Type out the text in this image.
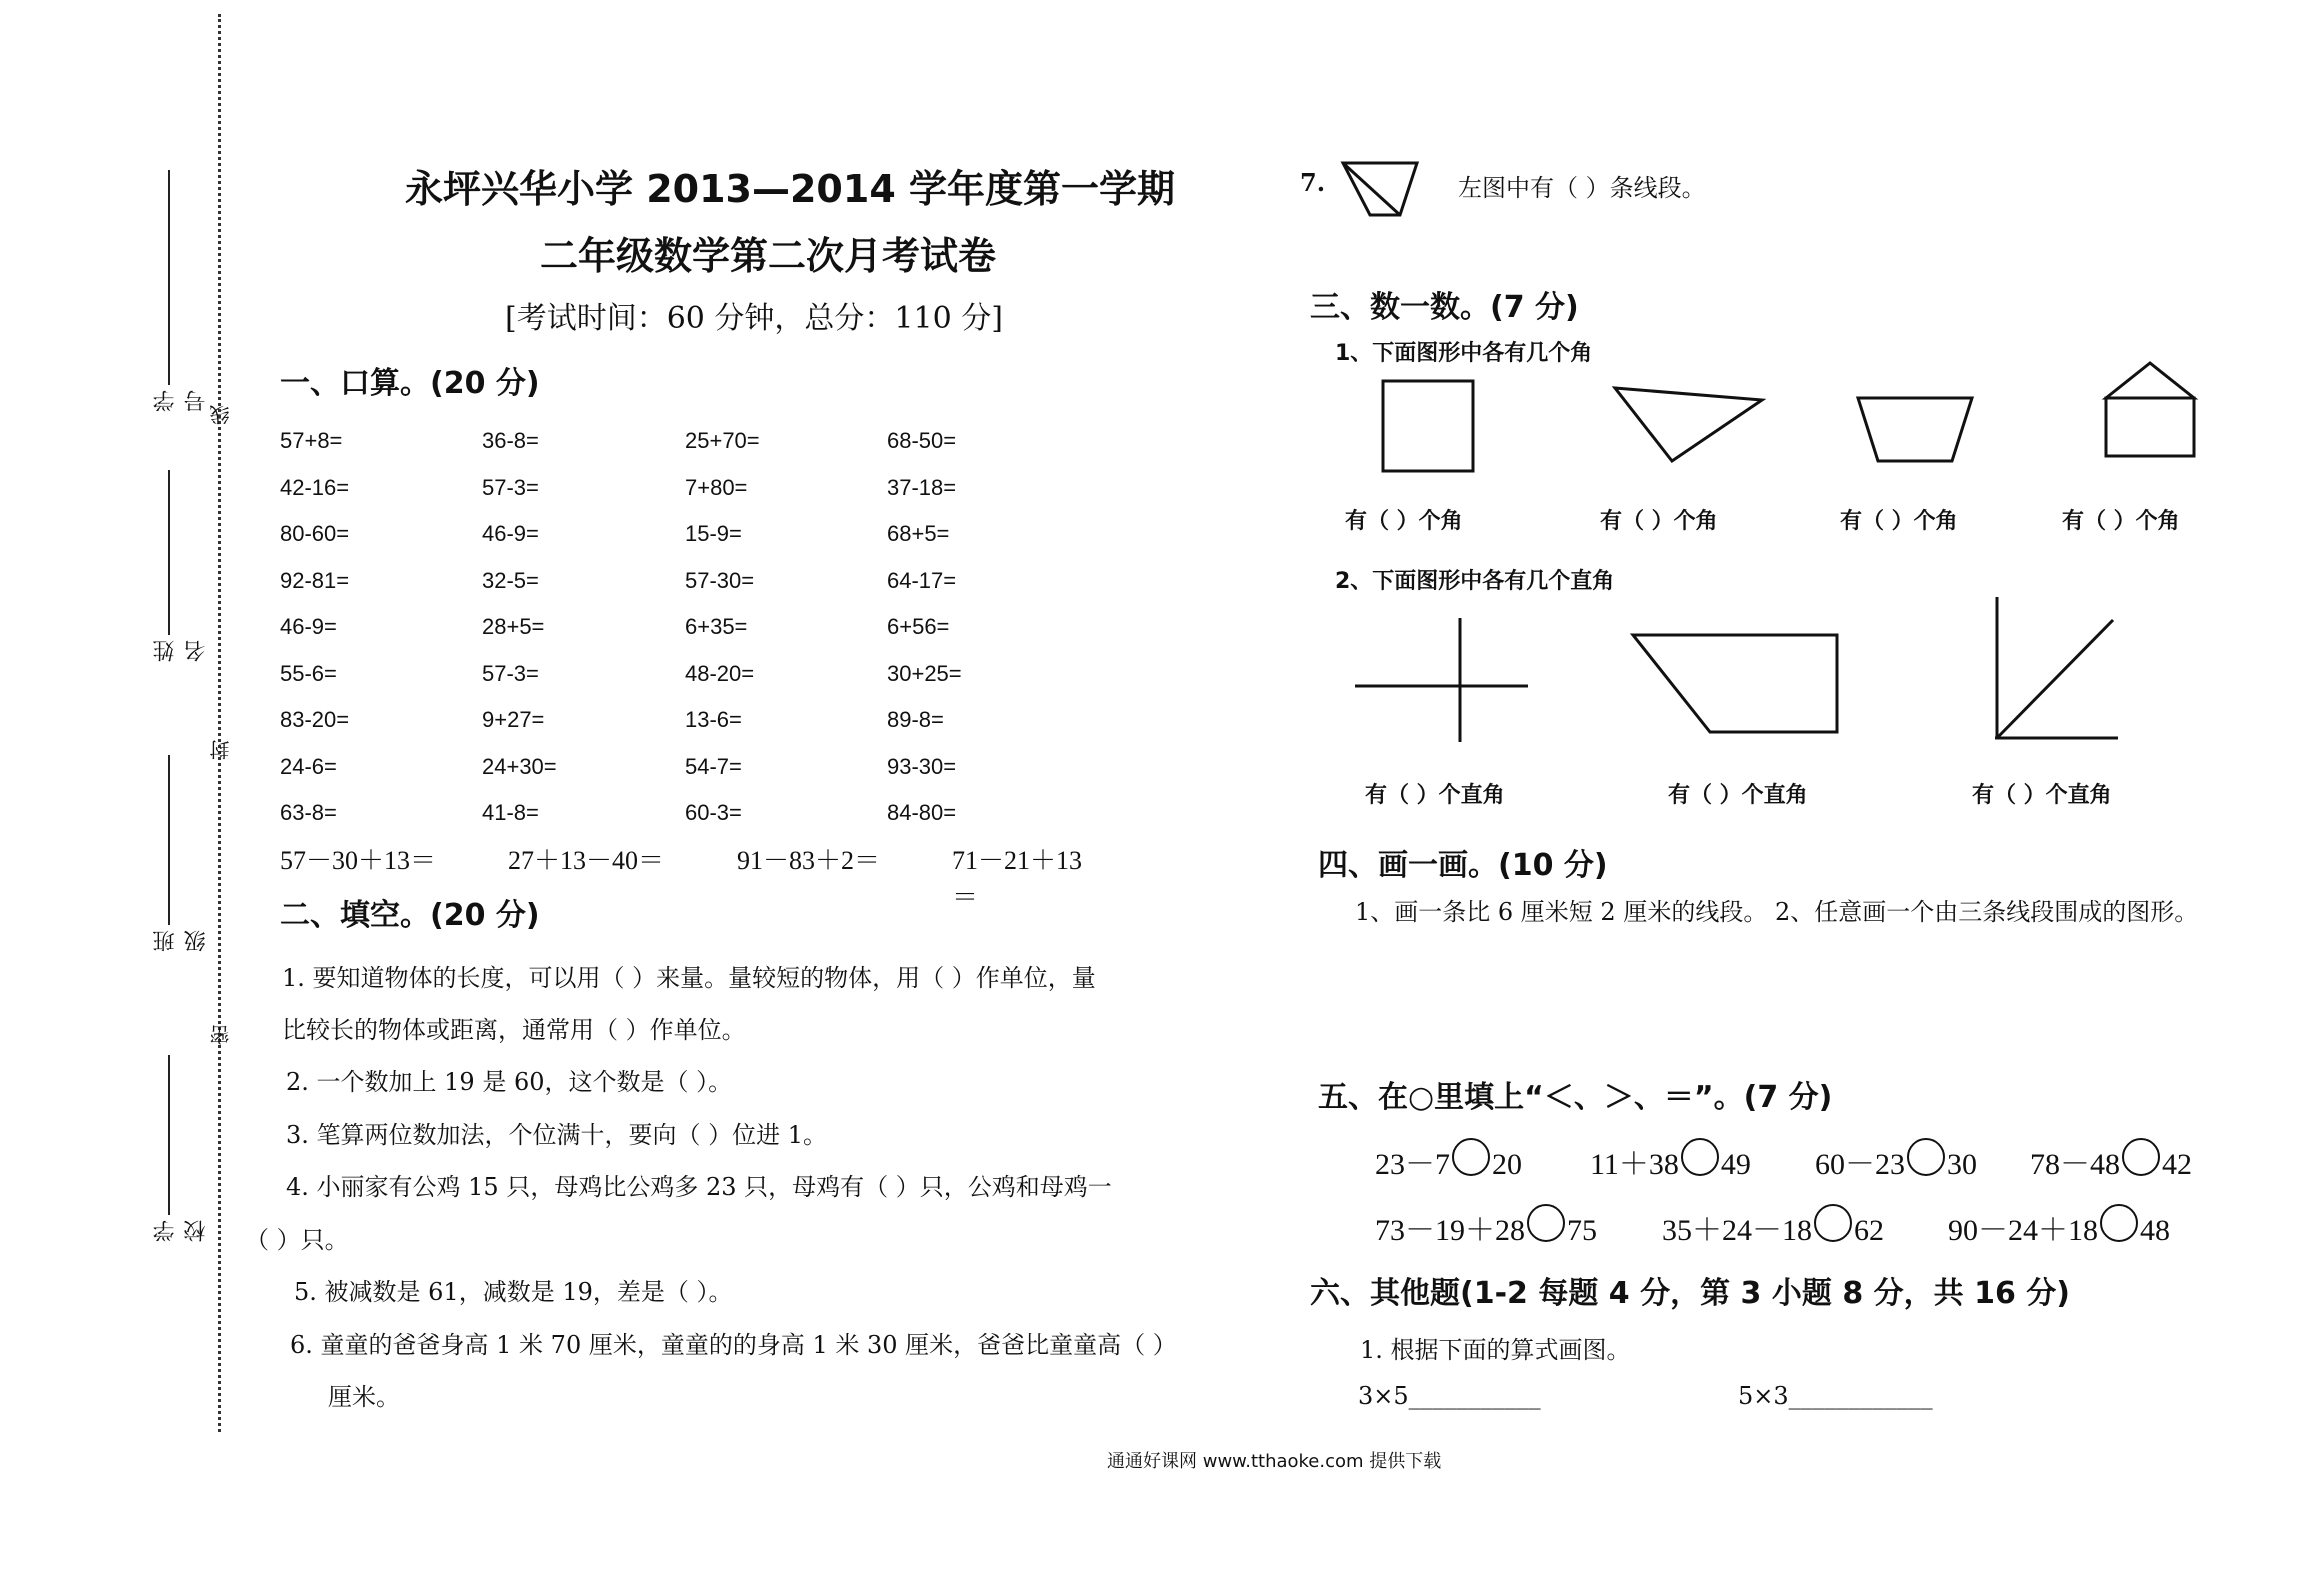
学号
姓名
班级
学校
线
封
密
永坪兴华小学 2013—2014 学年度第一学期
二年级数学第二次月考试卷
[考试时间：60 分钟，总分：110 分]
一、口算。(20 分)
57+8=	36-8=	25+70=	68-50=
42-16=	57-3=	7+80=	37-18=
80-60=	46-9=	15-9=	68+5=
92-81=	32-5=	57-30=	64-17=
46-9=	28+5=	6+35=	6+56=
55-6=	57-3=	48-20=	30+25=
83-20=	9+27=	13-6=	89-8=
24-6=	24+30=	54-7=	93-30=
63-8=	41-8=	60-3=	84-80=
57－30＋13＝	27＋13－40＝	91－83＋2＝	71－21＋13＝
二、填空。(20 分)
1. 要知道物体的长度，可以用（ ）来量。量较短的物体，用（ ）作单位，量
比较长的物体或距离，通常用（ ）作单位。
2. 一个数加上 19 是 60，这个数是（ ）。
3. 笔算两位数加法，个位满十，要向（ ）位进 1。
4. 小丽家有公鸡 15 只，母鸡比公鸡多 23 只，母鸡有（ ）只，公鸡和母鸡一
（ ）只。
5. 被减数是 61，减数是 19，差是（ ）。
6. 童童的爸爸身高 1 米 70 厘米，童童的的身高 1 米 30 厘米，爸爸比童童高（ ）
厘米。
7.	左图中有（ ）条线段。
三、数一数。(7 分)
1、下面图形中各有几个角
有（ ）个角	有（ ）个角	有（ ）个角	有（ ）个角
2、下面图形中各有几个直角
有（ ）个直角	有（ ）个直角	有（ ）个直角
四、画一画。(10 分)
1、画一条比 6 厘米短 2 厘米的线段。 2、任意画一个由三条线段围成的图形。
五、在○里填上“＜、＞、＝”。(7 分)
23－7 20 11＋38 49 60－23 30 78－48 42
73－19＋28 75 35＋24－18 62 90－24＋18 48
六、其他题(1-2 每题 4 分，第 3 小题 8 分，共 16 分)
1. 根据下面的算式画图。
3×5___________	5×3____________
通通好课网 www.tthaoke.com 提供下载
